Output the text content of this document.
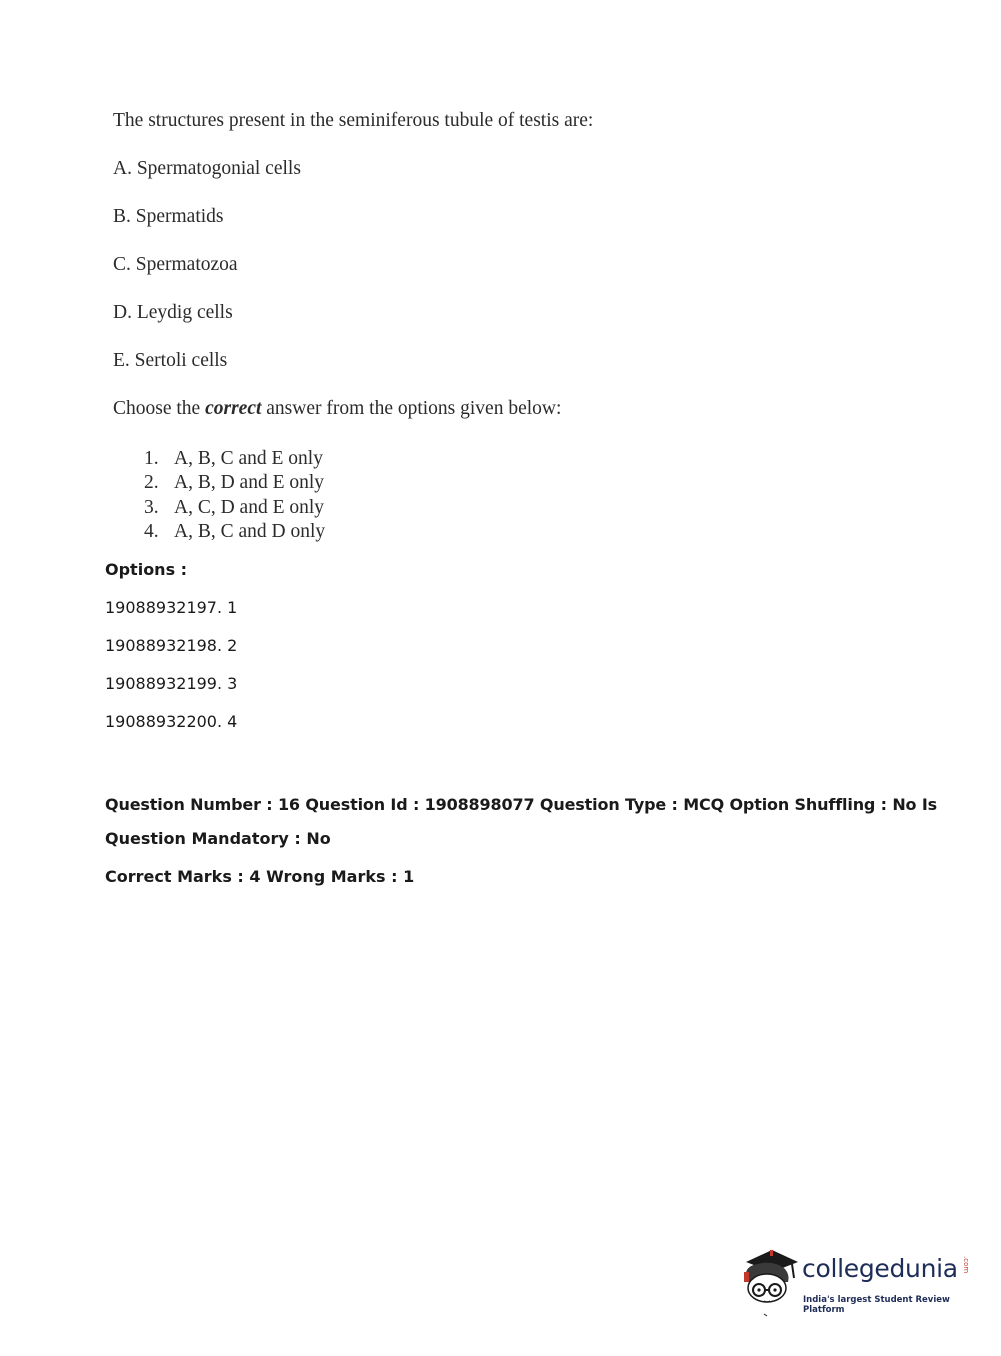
The structures present in the seminiferous tubule of testis are:
A. Spermatogonial cells
B. Spermatids
C. Spermatozoa
D. Leydig cells
E. Sertoli cells
Choose the correct answer from the options given below:
1. A, B, C and E only
2. A, B, D and E only
3. A, C, D and E only
4. A, B, C and D only
Options :
19088932197. 1
19088932198. 2
19088932199. 3
19088932200. 4
Question Number : 16 Question Id : 1908898077 Question Type : MCQ Option Shuffling : No Is
Question Mandatory : No
Correct Marks : 4 Wrong Marks : 1
collegedunia .com
India's largest Student Review Platform
